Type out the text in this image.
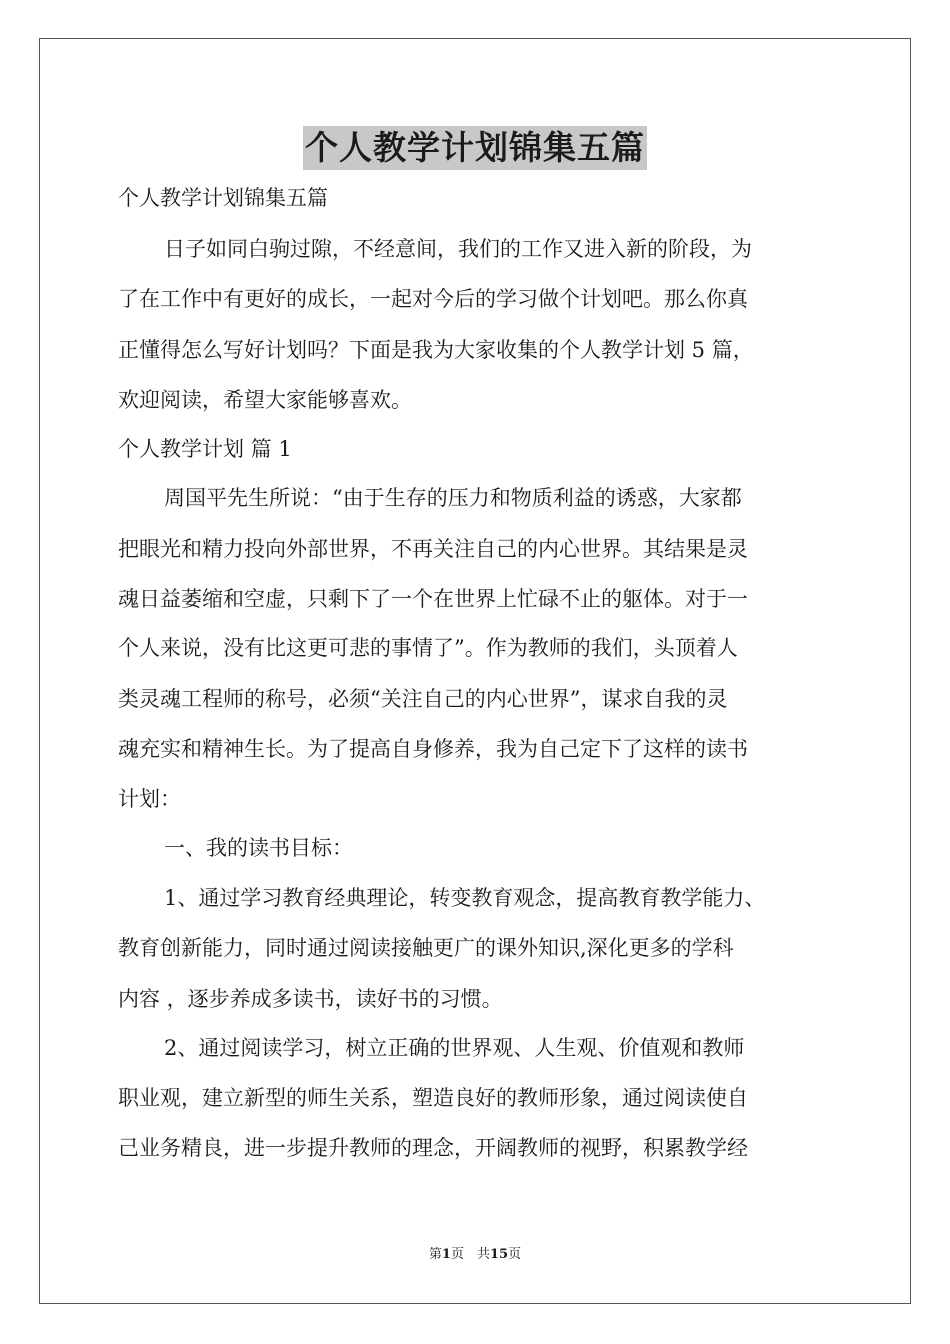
个人教学计划锦集五篇
个人教学计划锦集五篇
日子如同白驹过隙，不经意间，我们的工作又进入新的阶段，为
了在工作中有更好的成长，一起对今后的学习做个计划吧。那么你真
正懂得怎么写好计划吗？下面是我为大家收集的个人教学计划 5 篇，
欢迎阅读，希望大家能够喜欢。
个人教学计划 篇 1
周国平先生所说：“由于生存的压力和物质利益的诱惑，大家都
把眼光和精力投向外部世界，不再关注自己的内心世界。其结果是灵
魂日益萎缩和空虚，只剩下了一个在世界上忙碌不止的躯体。对于一
个人来说，没有比这更可悲的事情了”。作为教师的我们，头顶着人
类灵魂工程师的称号，必须“关注自己的内心世界”，谋求自我的灵
魂充实和精神生长。为了提高自身修养，我为自己定下了这样的读书
计划：
一、我的读书目标：
1、通过学习教育经典理论，转变教育观念，提高教育教学能力、
教育创新能力，同时通过阅读接触更广的课外知识,深化更多的学科
内容 ，逐步养成多读书，读好书的习惯。
2、通过阅读学习，树立正确的世界观、人生观、价值观和教师
职业观，建立新型的师生关系，塑造良好的教师形象，通过阅读使自
己业务精良，进一步提升教师的理念，开阔教师的视野，积累教学经
第1页　共15页
